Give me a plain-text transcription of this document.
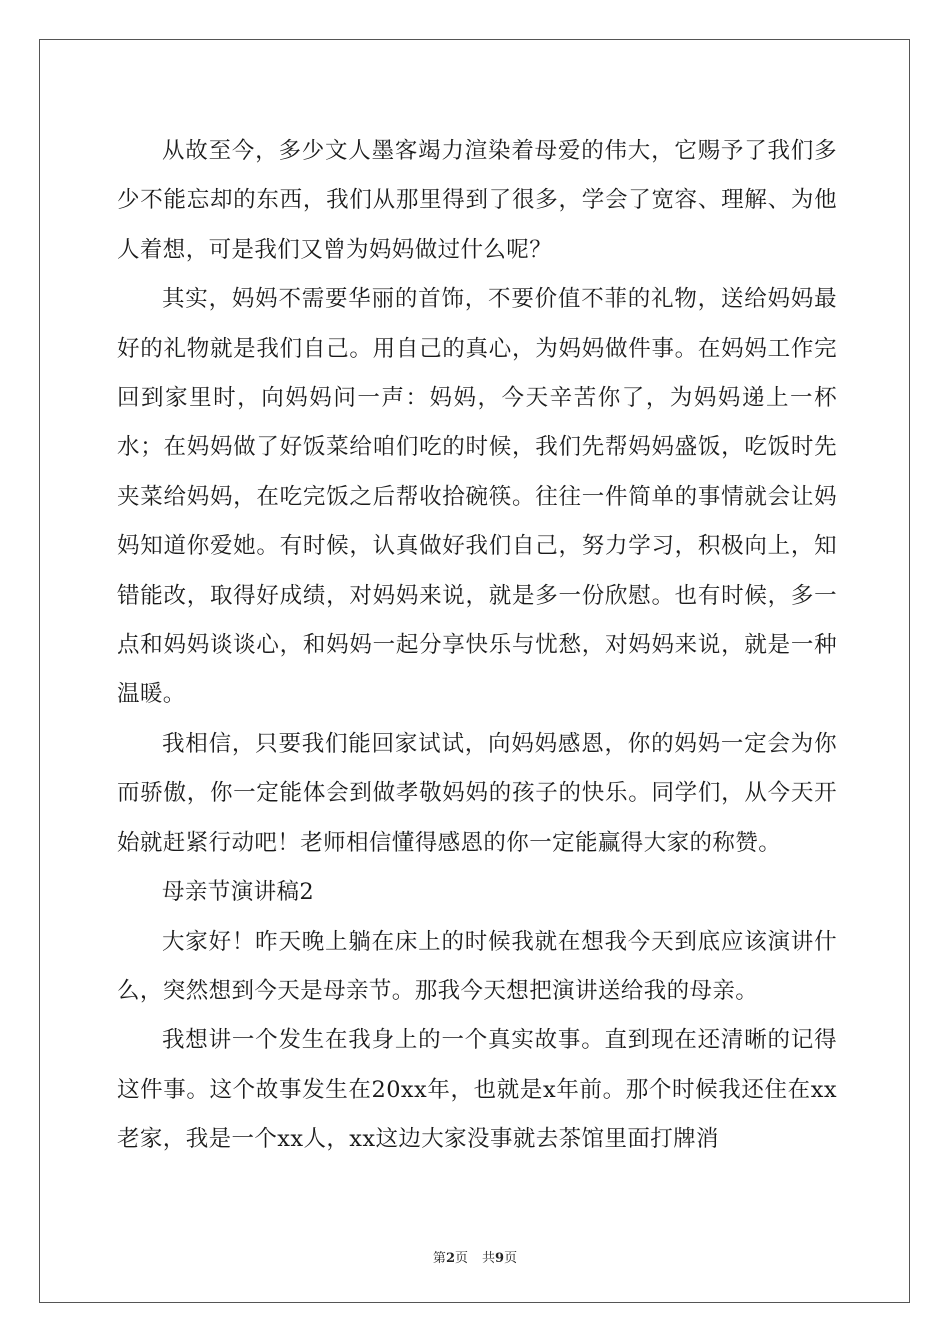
从故至今，多少文人墨客竭力渲染着母爱的伟大，它赐予了我们多少不能忘却的东西，我们从那里得到了很多，学会了宽容、理解、为他人着想，可是我们又曾为妈妈做过什么呢？

其实，妈妈不需要华丽的首饰，不要价值不菲的礼物，送给妈妈最好的礼物就是我们自己。用自己的真心，为妈妈做件事。在妈妈工作完回到家里时，向妈妈问一声：妈妈，今天辛苦你了，为妈妈递上一杯水；在妈妈做了好饭菜给咱们吃的时候，我们先帮妈妈盛饭，吃饭时先夹菜给妈妈，在吃完饭之后帮收拾碗筷。往往一件简单的事情就会让妈妈知道你爱她。有时候，认真做好我们自己，努力学习，积极向上，知错能改，取得好成绩，对妈妈来说，就是多一份欣慰。也有时候，多一点和妈妈谈谈心，和妈妈一起分享快乐与忧愁，对妈妈来说，就是一种温暖。

我相信，只要我们能回家试试，向妈妈感恩，你的妈妈一定会为你而骄傲，你一定能体会到做孝敬妈妈的孩子的快乐。同学们，从今天开始就赶紧行动吧！老师相信懂得感恩的你一定能赢得大家的称赞。

母亲节演讲稿2

大家好！昨天晚上躺在床上的时候我就在想我今天到底应该演讲什么，突然想到今天是母亲节。那我今天想把演讲送给我的母亲。

我想讲一个发生在我身上的一个真实故事。直到现在还清晰的记得这件事。这个故事发生在20xx年，也就是x年前。那个时候我还住在xx老家，我是一个xx人，xx这边大家没事就去茶馆里面打牌消

第2页 共9页
